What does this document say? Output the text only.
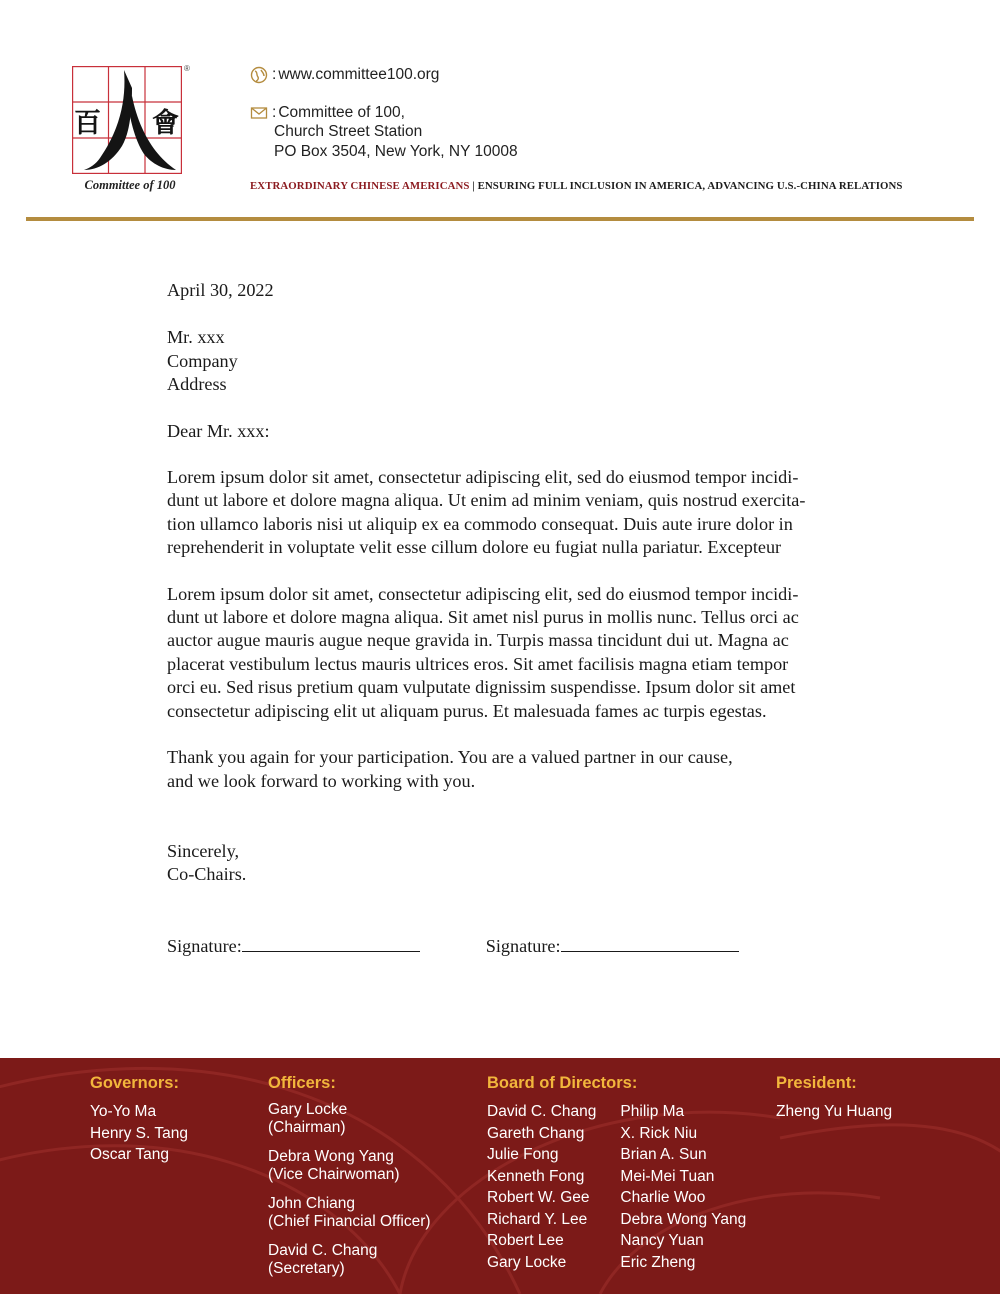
百 會
®
Committee of 100
: www.committee100.org
: Committee of 100,
Church Street Station
PO Box 3504, New York, NY 10008
EXTRAORDINARY CHINESE AMERICANS | ENSURING FULL INCLUSION IN AMERICA, ADVANCING U.S.-CHINA RELATIONS

April 30, 2022

Mr. xxx

Company

Address

Dear Mr. xxx:

Lorem ipsum dolor sit amet, consectetur adipiscing elit, sed do eiusmod tempor incidi-

dunt ut labore et dolore magna aliqua. Ut enim ad minim veniam, quis nostrud exercita-

tion ullamco laboris nisi ut aliquip ex ea commodo consequat. Duis aute irure dolor in

reprehenderit in voluptate velit esse cillum dolore eu fugiat nulla pariatur. Excepteur

Lorem ipsum dolor sit amet, consectetur adipiscing elit, sed do eiusmod tempor incidi-

dunt ut labore et dolore magna aliqua. Sit amet nisl purus in mollis nunc. Tellus orci ac

auctor augue mauris augue neque gravida in. Turpis massa tincidunt dui ut. Magna ac

placerat vestibulum lectus mauris ultrices eros. Sit amet facilisis magna etiam tempor

orci eu. Sed risus pretium quam vulputate dignissim suspendisse. Ipsum dolor sit amet

consectetur adipiscing elit ut aliquam purus. Et malesuada fames ac turpis egestas.

Thank you again for your participation. You are a valued partner in our cause,

and we look forward to working with you.

Sincerely,

Co-Chairs.

Signature:	Signature:
Governors:
Yo-Yo Ma
Henry S. Tang
Oscar Tang
Officers:
Gary Locke
(Chairman)
Debra Wong Yang
(Vice Chairwoman)
John Chiang
(Chief Financial Officer)
David C. Chang
(Secretary)
Board of Directors:
David C. Chang
Gareth Chang
Julie Fong
Kenneth Fong
Robert W. Gee
Richard Y. Lee
Robert Lee
Gary Locke
Philip Ma
X. Rick Niu
Brian A. Sun
Mei-Mei Tuan
Charlie Woo
Debra Wong Yang
Nancy Yuan
Eric Zheng
President:
Zheng Yu Huang
